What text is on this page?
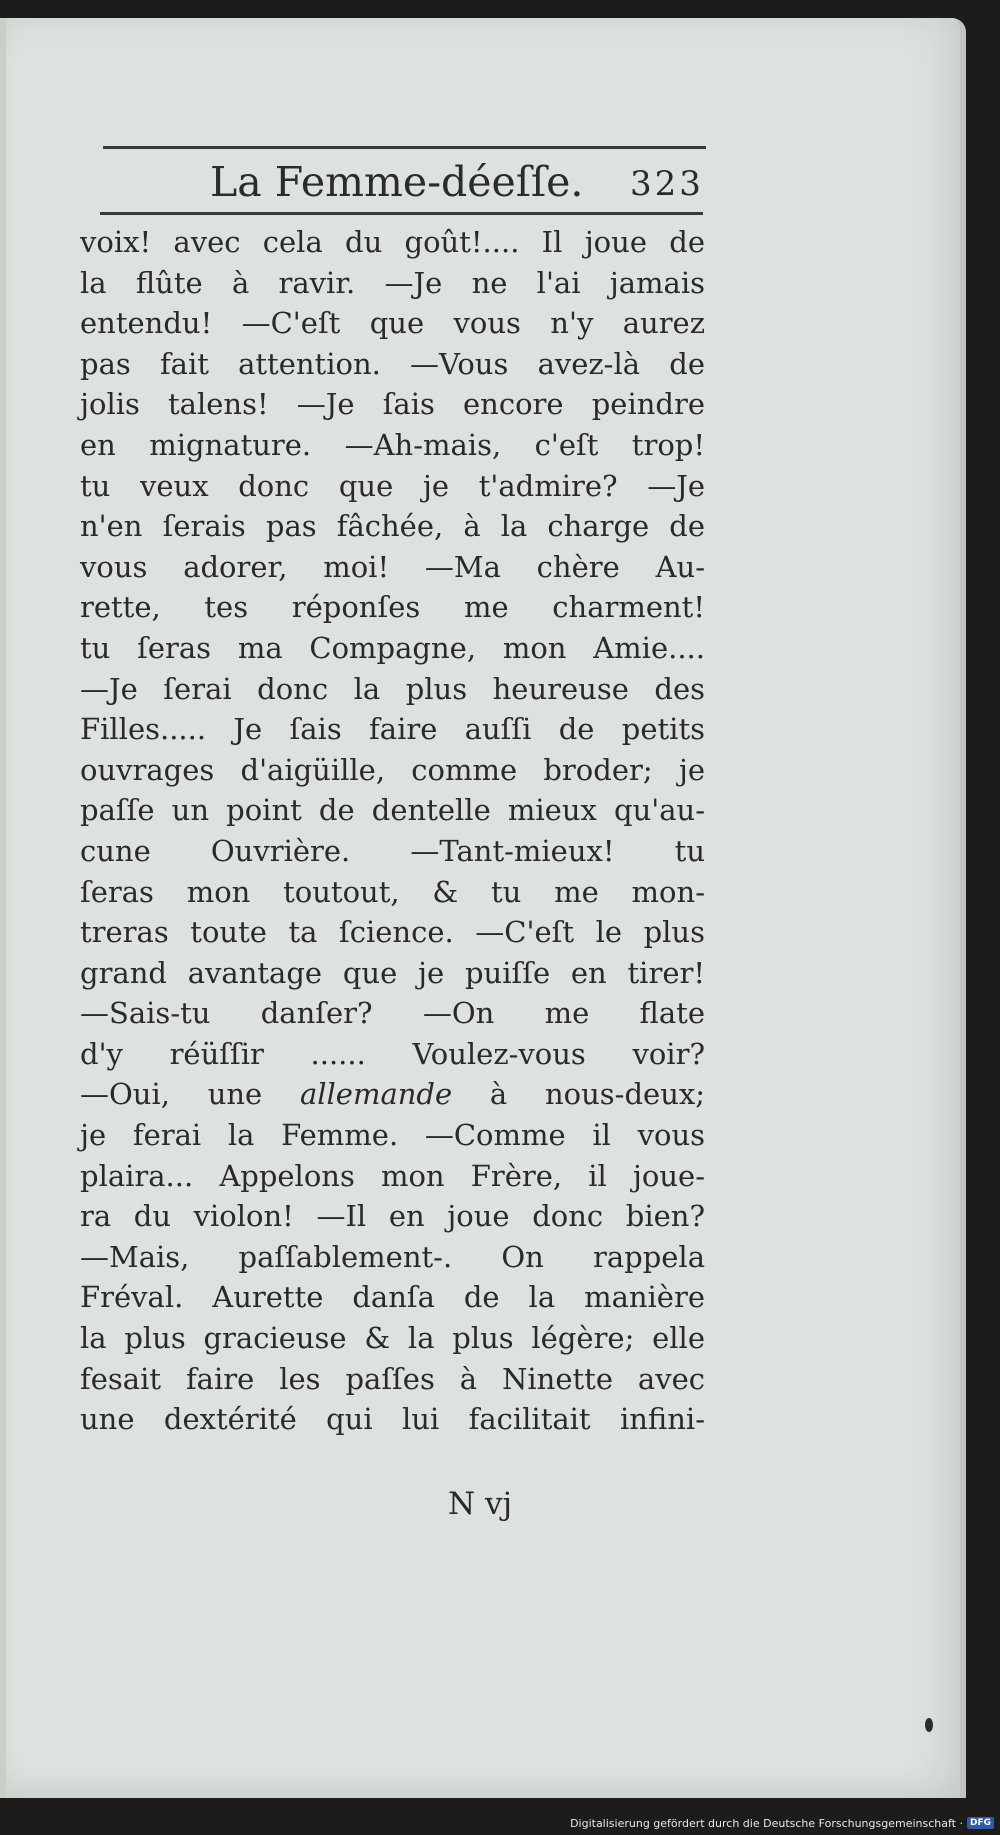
La Femme-déeſſe.	323
voix! avec cela du goût!.... Il joue de
la flûte à ravir. —Je ne l'ai jamais
entendu! —C'eſt que vous n'y aurez
pas fait attention. —Vous avez-là de
jolis talens! —Je ſais encore peindre
en mignature. —Ah-mais, c'eſt trop!
tu veux donc que je t'admire? —Je
n'en ſerais pas fâchée, à la charge de
vous adorer, moi! —Ma chère Au-
rette, tes réponſes me charment!
tu ſeras ma Compagne, mon Amie....
—Je ſerai donc la plus heureuse des
Filles..... Je ſais faire auſſi de petits
ouvrages d'aigüille, comme broder; je
paſſe un point de dentelle mieux qu'au-
cune Ouvrière. —Tant-mieux! tu
ſeras mon toutout, & tu me mon-
treras toute ta ſcience. —C'eſt le plus
grand avantage que je puiſſe en tirer!
—Sais-tu danſer? —On me flate
d'y réüſſir ...... Voulez-vous voir?
—Oui, une allemande à nous-deux;
je ferai la Femme. —Comme il vous
plaira... Appelons mon Frère, il joue-
ra du violon! —Il en joue donc bien?
—Mais, paſſablement-. On rappela
Fréval. Aurette danſa de la manière
la plus gracieuse & la plus légère; elle
fesait faire les paſſes à Ninette avec
une dextérité qui lui facilitait infini-
N vj
Digitalisierung gefördert durch die Deutsche Forschungsgemeinschaft · DFG
